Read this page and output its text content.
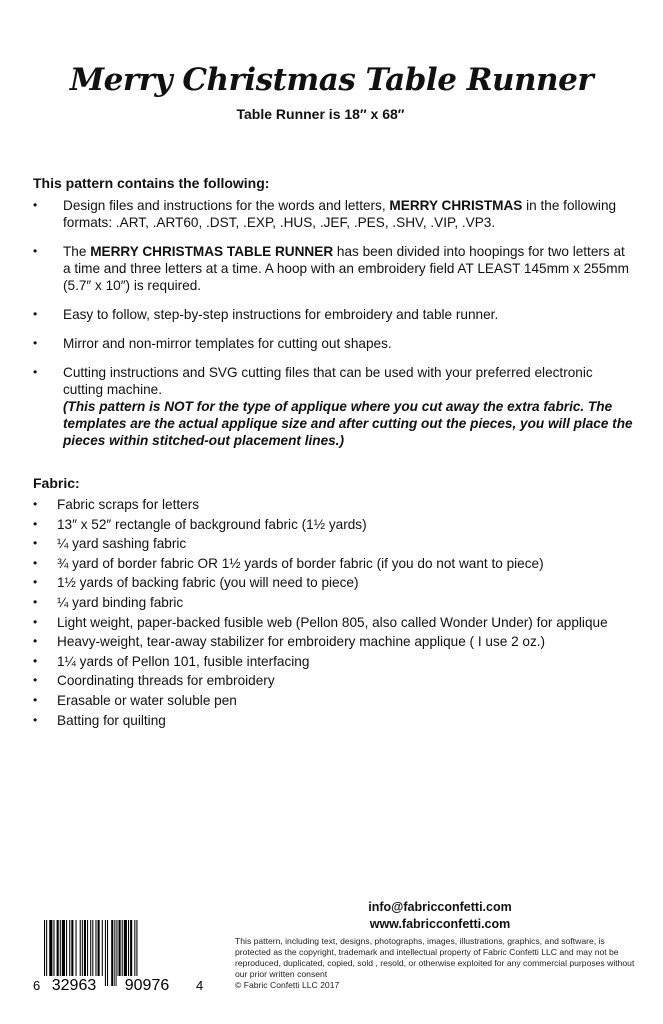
Merry Christmas Table Runner
Table Runner is 18″ x 68″
This pattern contains the following:
• Design files and instructions for the words and letters, MERRY CHRISTMAS in the following formats: .ART, .ART60, .DST, .EXP, .HUS, .JEF, .PES, .SHV, .VIP, .VP3.
• The MERRY CHRISTMAS TABLE RUNNER has been divided into hoopings for two letters at a time and three letters at a time. A hoop with an embroidery field AT LEAST 145mm x 255mm (5.7″ x 10″) is required.
• Easy to follow, step-by-step instructions for embroidery and table runner.
• Mirror and non-mirror templates for cutting out shapes.
• Cutting instructions and SVG cutting files that can be used with your preferred electronic cutting machine.
(This pattern is NOT for the type of applique where you cut away the extra fabric. The templates are the actual applique size and after cutting out the pieces, you will place the pieces within stitched-out placement lines.)
Fabric:
• Fabric scraps for letters
• 13″ x 52″ rectangle of background fabric (1½ yards)
• ¼ yard sashing fabric
• ¾ yard of border fabric OR 1½ yards of border fabric (if you do not want to piece)
• 1½ yards of backing fabric (you will need to piece)
• ¼ yard binding fabric
• Light weight, paper-backed fusible web (Pellon 805, also called Wonder Under) for applique
• Heavy-weight, tear-away stabilizer for embroidery machine applique ( I use 2 oz.)
• 1¼ yards of Pellon 101, fusible interfacing
• Coordinating threads for embroidery
• Erasable or water soluble pen
• Batting for quilting
6 32963 90976 4
info@fabricconfetti.com
www.fabricconfetti.com
This pattern, including text, designs, photographs, images, illustrations, graphics, and software, is protected as the copyright, trademark and intellectual property of Fabric Confetti LLC and may not be reproduced, duplicated, copied, sold , resold, or otherwise exploited for any commercial purposes without our prior written consent
© Fabric Confetti LLC 2017
